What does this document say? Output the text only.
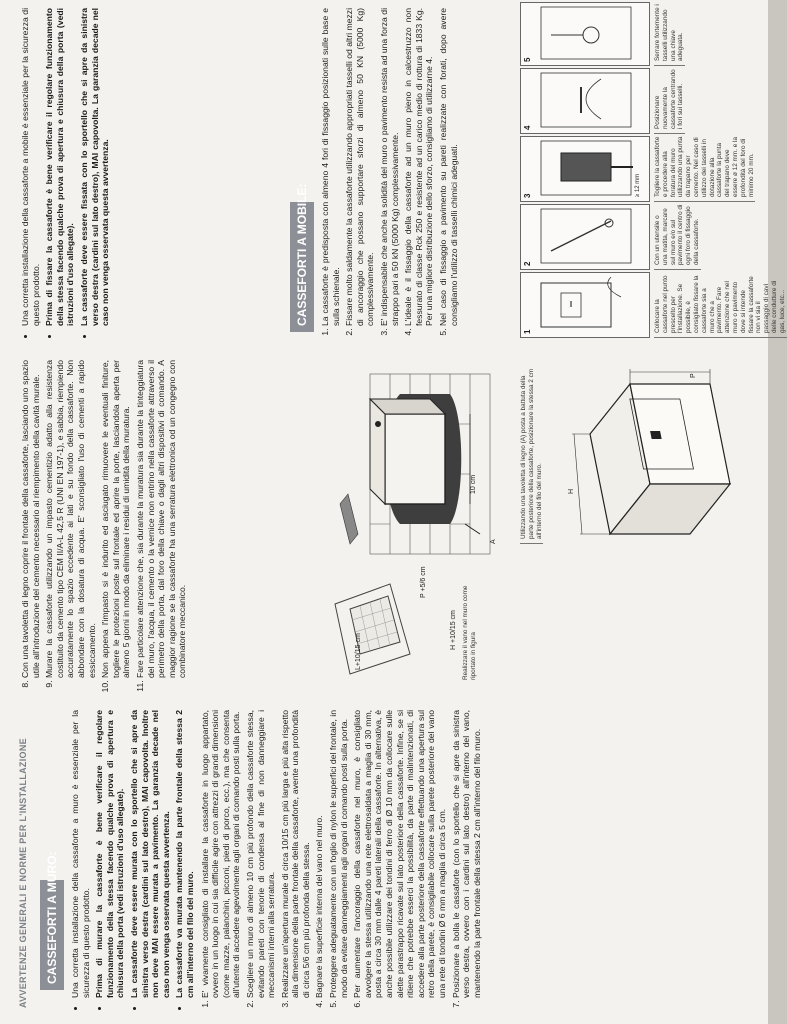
AVVERTENZE GENERALI E NORME PER L'INSTALLAZIONE	CASSEFORTI A MURO:	• Una corretta installazione della cassaforte a muro è essenziale per la sicurezza di questo prodotto. • Prima di murare la cassaforte è bene verificare il regolare funzionamento della stessa facendo qualche prova di apertura e chiusura della porta (vedi istruzioni d'uso allegate). • La cassaforte deve essere murata con lo sportello che si apre da sinistra verso destra (cardini sul lato destro), MAI capovolta. Inoltre non deve MAI essere murata a pavimento. La garanzia decade nel caso non venga osservata questa avvertenza. • La cassaforte va murata mantenendo la parte frontale della stessa 2 cm all'interno del filo del muro. 1. E' vivamente consigliato di installare la cassaforte in luogo appartato, ovvero in un luogo in cui sia difficile agire con attrezzi di grandi dimensioni (come mazze, palanchini, picconi, piedi di porco, ecc.), ma che consenta all'utente di accedere agevolmente agli organi di comando posti sulla porta. 2. Scegliere un muro di almeno 10 cm più profondo della cassaforte stessa, evitando pareti con tenorie di condensa al fine di non danneggiare i meccanismi interni alla serratura. 3. Realizzare un'apertura murale di circa 10/15 cm più larga e più alta rispetto alla dimensione della parte frontale della cassaforte, avente una profondità di circa 5/6 cm più profonda della stessa. 4. Bagnare la superficie interna del vano nel muro. 5. Proteggere adeguatamente con un foglio di nylon le superfici del frontale, in modo da evitare danneggiamenti agli organi di comando posti sulla porta. 6. Per aumentare l'ancoraggio della cassaforte nel muro, è consigliato avvolgere la stessa utilizzando una rete elettrosaldata a maglia di 30 mm, posta a circa 30 mm dalle 4 pareti laterali della cassaforte. In alternativa, è anche possibile utilizzare dei tondini di ferro di Ø 10 mm da collocare sulle alette parastrappo ricavate sul lato posteriore della cassaforte. Infine, se si ritiene che potrebbe esserci la possibilità, da parte di malintenzionati, di accedere alla parte posteriore della cassaforte effettuando una apertura sul retro della parete, è consigliabile collocare sulla parete posteriore del vano una rete di tondini Ø 6 mm a maglia di circa 5 cm. 7. Posizionare a bolla le cassaforte (con lo sportello che si apre da sinistra verso destra, ovvero con i cardini sul lato destro) all'interno del vano, mantenendo la parte frontale della stessa 2 cm all'interno del filo muro.
8. Con una tavoletta di legno coprire il frontale della cassaforte, lasciando uno spazio utile all'introduzione del cemento necessario al riempimento della cavità murale. 9. Murare la cassaforte utilizzando un impasto cementizio adatto alla resistenza costituito da cemento tipo CEM II/A-L 42,5 R (UNI EN 197-1), e sabbia, riempiendo accuratamente lo spazio eccedente ai lati e su fondo della cassaforte. Non abbondare con la dosatura di acqua. E' sconsigliato l'uso di cementi a rapido essiccamento. 10. Non appena l'impasto si è indurito ed asciugato rimuovere le eventuali finiture, togliere le protezioni poste sul frontale ed aprire la porte, lasciandola aperta per almeno 5 giorni in modo da eliminare i residui di umidità della muratura. 11. Fare particolare attenzione che, sia durante la muratura sia durante la tinteggiatura del muro, l'acqua, il cemento o la vernice non entrino nella cassaforte attraverso il perimetro della porta, dal foro della chiave o dagli altri dispositivi di comando. A maggior ragione se la cassaforte ha una serratura elettronica od un congegno con combinatore meccanico.	L+10/15 cm
H +10/15 cm
P +5/6 cm
Realizzare il vano nel muro come riportato in figura
10 cm
A
Utilizzando una tavoletta di legno (A) posta a battuta della parte posteriore della cassaforte, posizionare la stessa 2 cm all'interno del filo del muro.	H
P
CASSEFORTI A MOBILE:
• Una corretta installazione della cassaforte a mobile è essenziale per la sicurezza di questo prodotto. • Prima di fissare la cassaforte è bene verificare il regolare funzionamento della stessa facendo qualche prova di apertura e chiusura della porta (vedi istruzioni d'uso allegate). • La cassaforte deve essere fissata con lo sportello che si apre da sinistra verso destra (cardini sul lato destro), MAI capovolta. La garanzia decade nel caso non venga osservata questa avvertenza.	1. La cassaforte è predisposta con almeno 4 fori di fissaggio posizionati sulle base e sulla schienale. 2. Fissare molto saldamente la cassaforte utilizzando appropriati tasselli od altri mezzi di ancoraggio che possano supportare sforzi di almeno 50 KN (5000 Kg) complessivamente. 3. E' indispensabile che anche la solidità del muro o pavimento resista ad una forza di strappo pari a 50 kN (5000 Kg) complessivamente. 4. L'ideale è il fissaggio della cassaforte ad un muro pieno in calcestruzzo non fessurato di classe Rck 250 e resistente ad un carico medio di rottura di 1833 Kg. Per una migliore distribuzione dello sforzo, consigliamo di utilizzarne 4. 5. Nel caso di fissaggio a pavimento su pareti realizzate con forati, dopo avere consigliamo l'utilizzo di tasselli chimici adeguati.
1
2
3	≥ 12 mm
4
5
Collocare la cassaforte nel punto prescelto per l'installazione. Se possibile, è consigliato fissare la cassaforte sia a muro che a pavimento. Fare attenzione che nel muro o pavimento dove si intende fissare la cassaforte non vi sia il passaggio di cavi delle condutture di gas, luce, etc...
Con un utensile o una matita, marcare sul muro e/o sul pavimento il centro di ogni foro di fissaggio della cassaforte.
Togliere la cassaforte e procedere alla foratura del muro utilizzando una punta da trapano per cemento. Nel caso di utilizzo dei tasselli in dotazione alla cassaforte la punta del trapano deve essere ø 12 mm. e la profondità del foro di minimo 20 mm.
Posizionare nuovamente la cassaforte centrando i fori sui tasselli.
Serrare fortemente i tasselli utilizzando una chiave adeguata.
